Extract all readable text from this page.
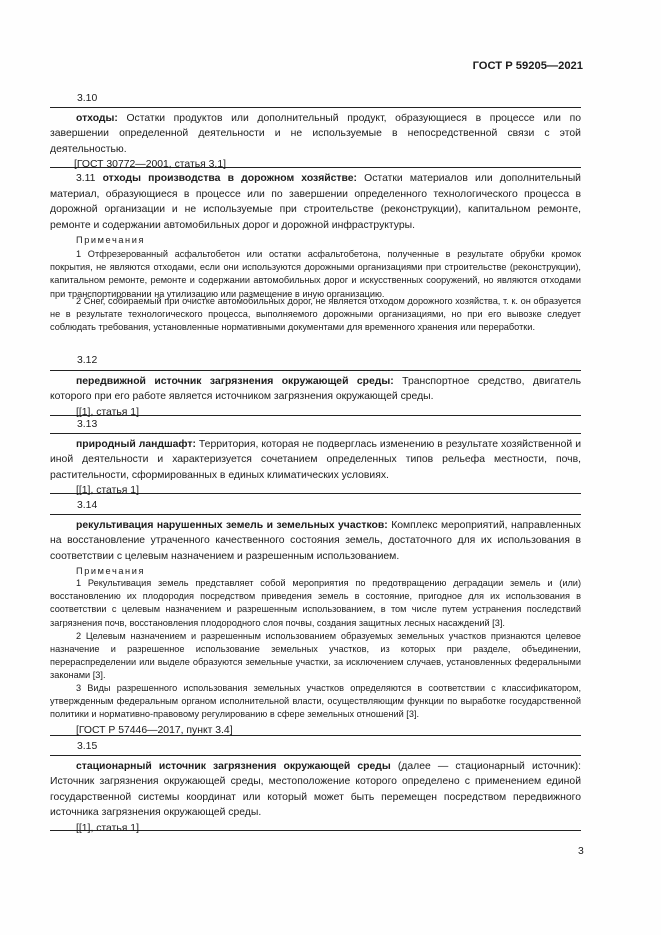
ГОСТ Р 59205—2021
3.10

отходы: Остатки продуктов или дополнительный продукт, образующиеся в процессе или по завершении определенной деятельности и не используемые в непосредственной связи с этой деятельностью.

[ГОСТ 30772—2001, статья 3.1]

3.11 отходы производства в дорожном хозяйстве: Остатки материалов или дополнительный материал, образующиеся в процессе или по завершении определенного технологического процесса в дорожной организации и не используемые при строительстве (реконструкции), капитальном ремонте, ремонте и содержании автомобильных дорог и дорожной инфраструктуры.
Примечания
1 Отфрезерованный асфальтобетон или остатки асфальтобетона, полученные в результате обрубки кромок покрытия, не являются отходами, если они используются дорожными организациями при строительстве (реконструкции), капитальном ремонте, ремонте и содержании автомобильных дорог и искусственных сооружений, но являются отходами при транспортировании на утилизацию или размещение в иную организацию.
2 Снег, собираемый при очистке автомобильных дорог, не является отходом дорожного хозяйства, т. к. он образуется не в результате технологического процесса, выполняемого дорожными организациями, но при его вывозке следует соблюдать требования, установленные нормативными документами для временного хранения или переработки.
3.12

передвижной источник загрязнения окружающей среды: Транспортное средство, двигатель которого при его работе является источником загрязнения окружающей среды.

[[1], статья 1]

3.13

природный ландшафт: Территория, которая не подверглась изменению в результате хозяйственной и иной деятельности и характеризуется сочетанием определенных типов рельефа местности, почв, растительности, сформированных в единых климатических условиях.

[[1], статья 1]

3.14

рекультивация нарушенных земель и земельных участков: Комплекс мероприятий, направленных на восстановление утраченного качественного состояния земель, достаточного для их использования в соответствии с целевым назначением и разрешенным использованием.

Примечания

1 Рекультивация земель представляет собой мероприятия по предотвращению деградации земель и (или) восстановлению их плодородия посредством приведения земель в состояние, пригодное для их использования в соответствии с целевым назначением и разрешенным использованием, в том числе путем устранения последствий загрязнения почв, восстановления плодородного слоя почвы, создания защитных лесных насаждений [3].

2 Целевым назначением и разрешенным использованием образуемых земельных участков признаются целевое назначение и разрешенное использование земельных участков, из которых при разделе, объединении, перераспределении или выделе образуются земельные участки, за исключением случаев, установленных федеральными законами [3].

3 Виды разрешенного использования земельных участков определяются в соответствии с классификатором, утвержденным федеральным органом исполнительной власти, осуществляющим функции по выработке государственной политики и нормативно-правовому регулированию в сфере земельных отношений [3].

[ГОСТ Р 57446—2017, пункт 3.4]

3.15

стационарный источник загрязнения окружающей среды (далее — стационарный источник): Источник загрязнения окружающей среды, местоположение которого определено с применением единой государственной системы координат или который может быть перемещен посредством передвижного источника загрязнения окружающей среды.

[[1], статья 1]

3
